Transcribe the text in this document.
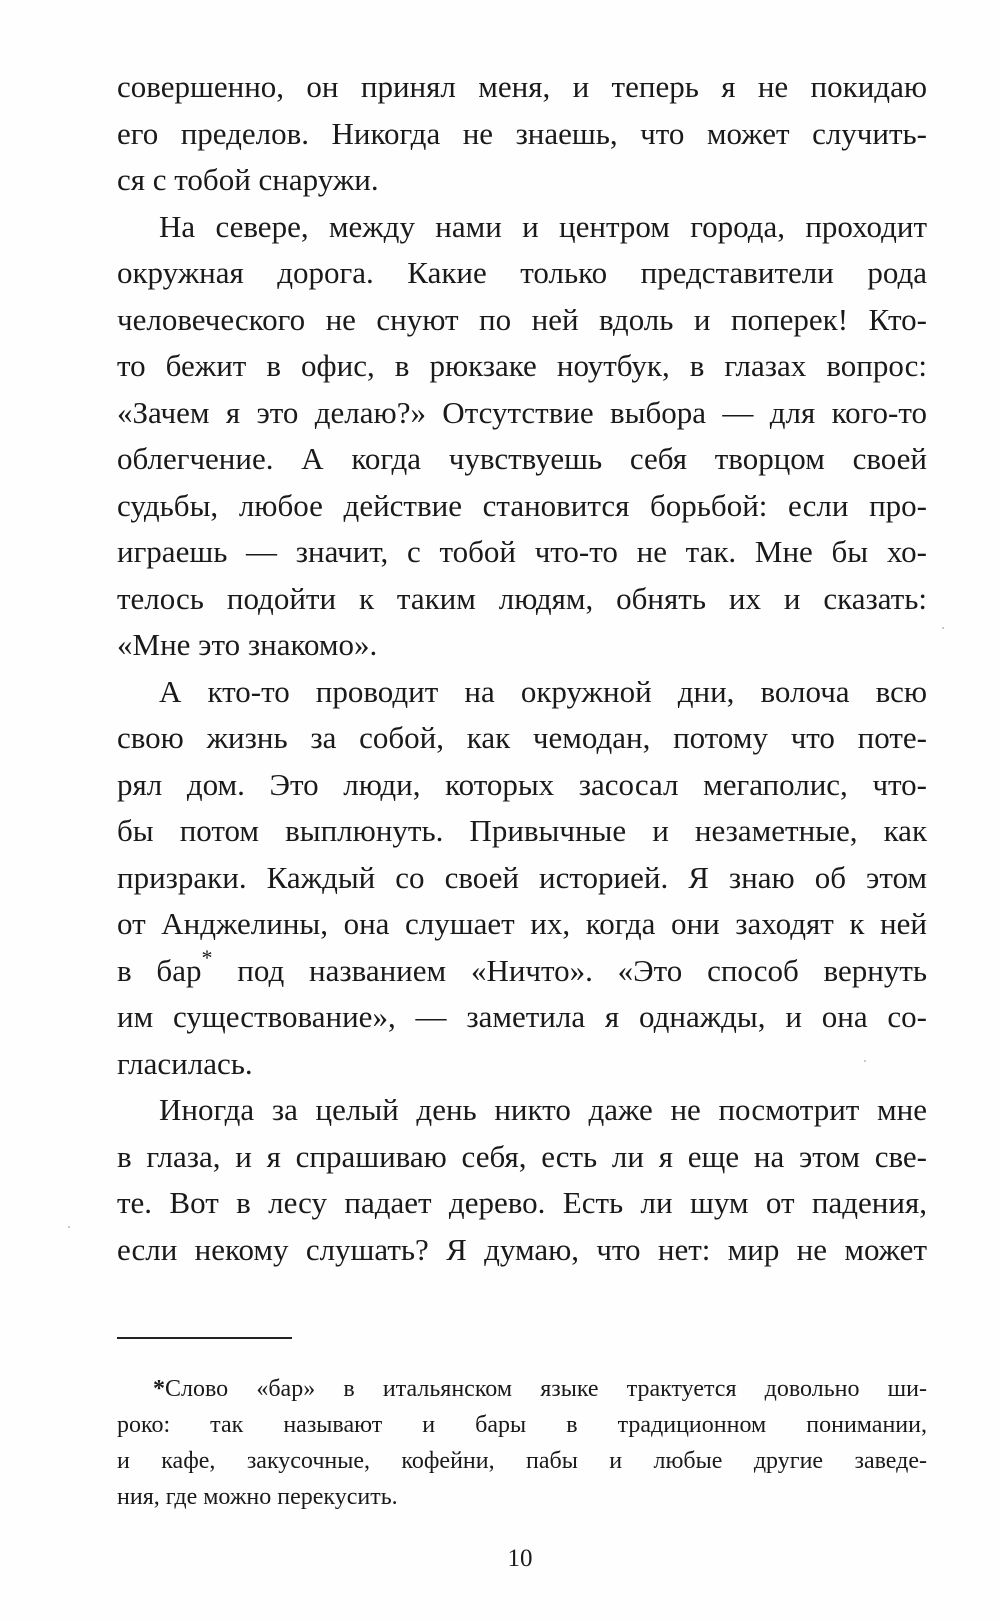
совершенно, он принял меня, и теперь я не покидаю
его пределов. Никогда не знаешь, что может случить-
ся с тобой снаружи.
На севере, между нами и центром города, проходит
окружная дорога. Какие только представители рода
человеческого не снуют по ней вдоль и поперек! Кто-
то бежит в офис, в рюкзаке ноутбук, в глазах вопрос:
«Зачем я это делаю?» Отсутствие выбора — для кого-то
облегчение. А когда чувствуешь себя творцом своей
судьбы, любое действие становится борьбой: если про-
играешь — значит, с тобой что-то не так. Мне бы хо-
телось подойти к таким людям, обнять их и сказать:
«Мне это знакомо».
А кто-то проводит на окружной дни, волоча всю
свою жизнь за собой, как чемодан, потому что поте-
рял дом. Это люди, которых засосал мегаполис, что-
бы потом выплюнуть. Привычные и незаметные, как
призраки. Каждый со своей историей. Я знаю об этом
от Анджелины, она слушает их, когда они заходят к ней
в бар* под названием «Ничто». «Это способ вернуть
им существование», — заметила я однажды, и она со-
гласилась.
Иногда за целый день никто даже не посмотрит мне
в глаза, и я спрашиваю себя, есть ли я еще на этом све-
те. Вот в лесу падает дерево. Есть ли шум от падения,
если некому слушать? Я думаю, что нет: мир не может
*Слово «бар» в итальянском языке трактуется довольно ши-
роко: так называют и бары в традиционном понимании,
и кафе, закусочные, кофейни, пабы и любые другие заведе-
ния, где можно перекусить.
10
